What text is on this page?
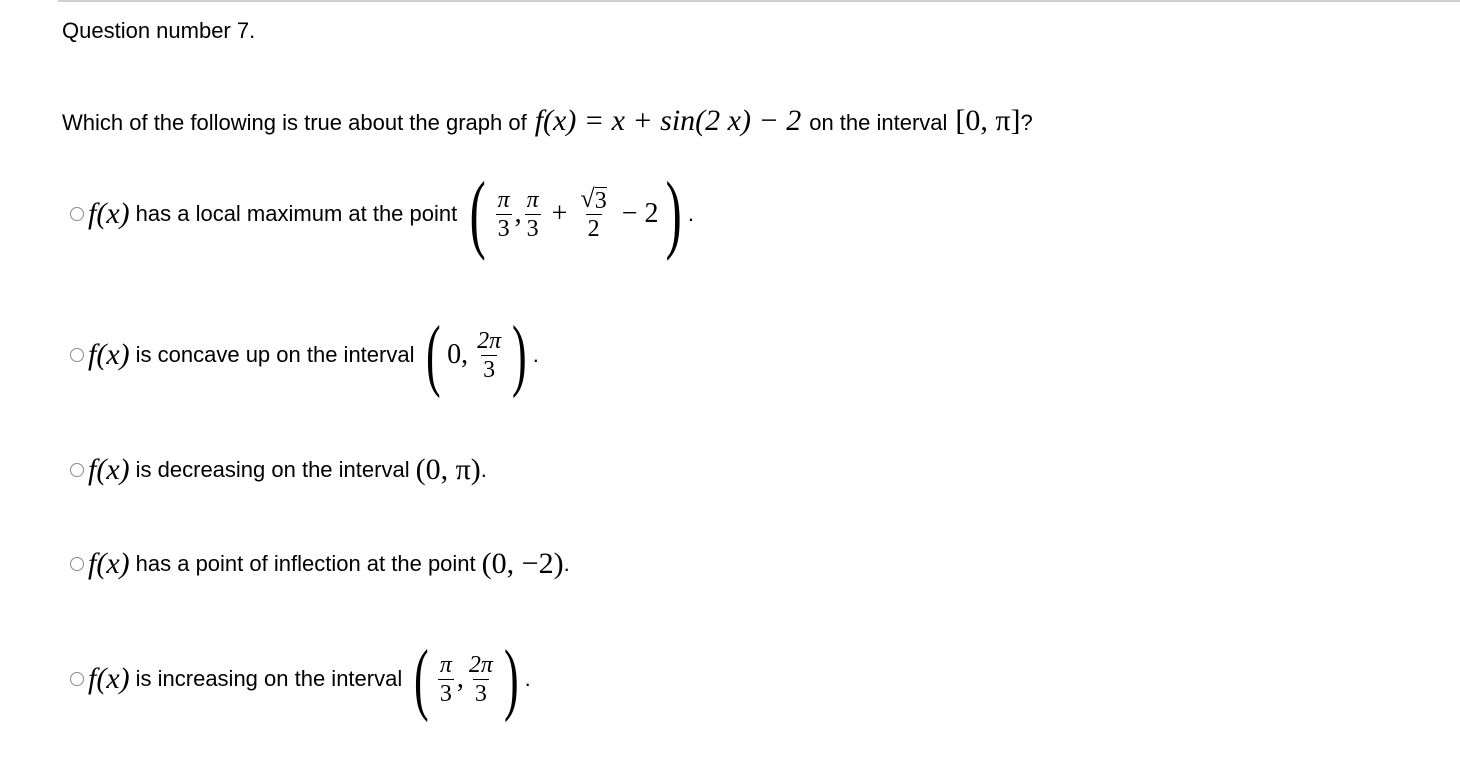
Question number 7.
Which of the following is true about the graph of f(x) = x + sin(2 x) − 2 on the interval [0, π] ?
f(x) has a local maximum at the point ( $\frac{\pi}{3}$ , $\frac{\pi}{3} + \frac{√ 3}{2} - 2$ ) .
f(x) is concave up on the interval ( 0, $\frac{2\pi}{3}$ ) .
f(x) is decreasing on the interval (0, π) .
f(x) has a point of inflection at the point (0, −2) .
f(x) is increasing on the interval ( $\frac{\pi}{3}$ , $\frac{2\pi}{3}$ ) .
